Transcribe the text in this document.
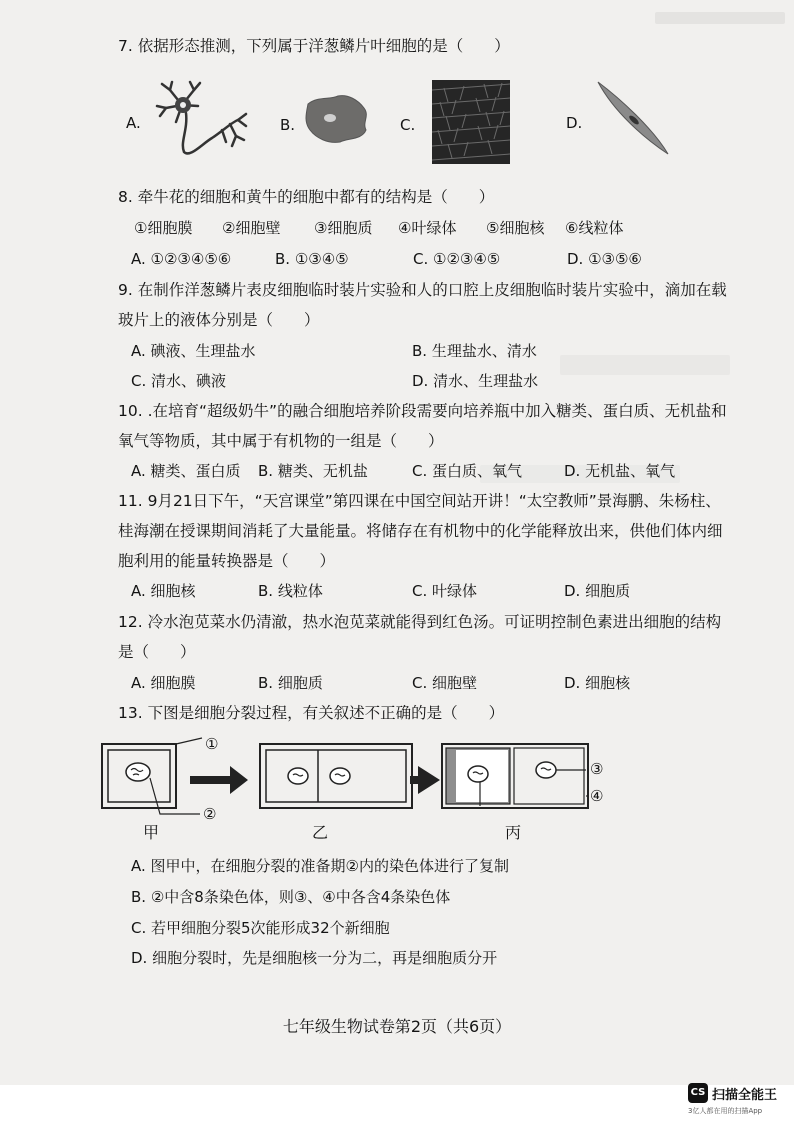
7. 依据形态推测，下列属于洋葱鳞片叶细胞的是（　　）
A.	B.	C.	D.
8. 牵牛花的细胞和黄牛的细胞中都有的结构是（　　）
①细胞膜 ②细胞壁 ③细胞质 ④叶绿体 ⑤细胞核 ⑥线粒体
A. ①②③④⑤⑥	B. ①③④⑤	C. ①②③④⑤	D. ①③⑤⑥
9. 在制作洋葱鳞片表皮细胞临时装片实验和人的口腔上皮细胞临时装片实验中，滴加在载
玻片上的液体分别是（　　）
A. 碘液、生理盐水	B. 生理盐水、清水
C. 清水、碘液	D. 清水、生理盐水
10. .在培育“超级奶牛”的融合细胞培养阶段需要向培养瓶中加入糖类、蛋白质、无机盐和
氧气等物质，其中属于有机物的一组是（　　）
A. 糖类、蛋白质 B. 糖类、无机盐	C. 蛋白质、氧气	D. 无机盐、氧气
11. 9月21日下午，“天宫课堂”第四课在中国空间站开讲！“太空教师”景海鹏、朱杨柱、
桂海潮在授课期间消耗了大量能量。将储存在有机物中的化学能释放出来，供他们体内细
胞利用的能量转换器是（　　）
A. 细胞核	B. 线粒体	C. 叶绿体	D. 细胞质
12. 冷水泡苋菜水仍清澈，热水泡苋菜就能得到红色汤。可证明控制色素进出细胞的结构
是（　　）
A. 细胞膜	B. 细胞质	C. 细胞壁	D. 细胞核
13. 下图是细胞分裂过程，有关叙述不正确的是（　　）
①
②
③
④
甲	乙	丙
A. 图甲中，在细胞分裂的准备期②内的染色体进行了复制
B. ②中含8条染色体，则③、④中各含4条染色体
C. 若甲细胞分裂5次能形成32个新细胞
D. 细胞分裂时，先是细胞核一分为二，再是细胞质分开
七年级生物试卷第2页（共6页）
CS 扫描全能王
3亿人都在用的扫描App
